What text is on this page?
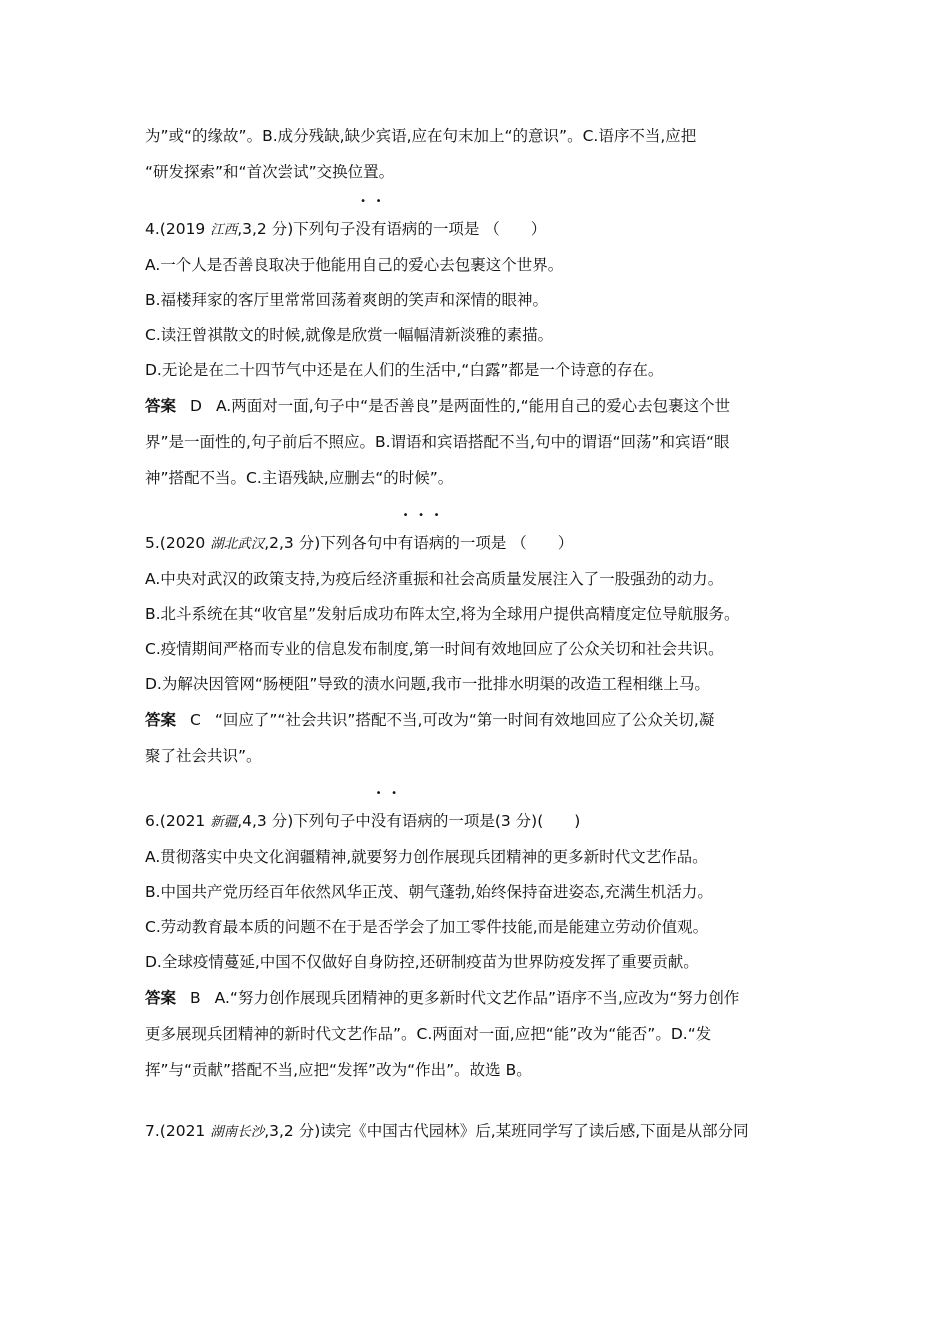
为”或“的缘故”。B.成分残缺,缺少宾语,应在句末加上“的意识”。C.语序不当,应把
“研发探索”和“首次尝试”交换位置。
4.(2019 江西,3,2 分)下列句子没有语病的一项是 （　　）
A.一个人是否善良取决于他能用自己的爱心去包裹这个世界。
B.福楼拜家的客厅里常常回荡着爽朗的笑声和深情的眼神。
C.读汪曾祺散文的时候,就像是欣赏一幅幅清新淡雅的素描。
D.无论是在二十四节气中还是在人们的生活中,“白露”都是一个诗意的存在。
答案 D A.两面对一面,句子中“是否善良”是两面性的,“能用自己的爱心去包裹这个世
界”是一面性的,句子前后不照应。B.谓语和宾语搭配不当,句中的谓语“回荡”和宾语“眼
神”搭配不当。C.主语残缺,应删去“的时候”。
5.(2020 湖北武汉,2,3 分)下列各句中有语病的一项是 （　　）
A.中央对武汉的政策支持,为疫后经济重振和社会高质量发展注入了一股强劲的动力。
B.北斗系统在其“收官星”发射后成功布阵太空,将为全球用户提供高精度定位导航服务。
C.疫情期间严格而专业的信息发布制度,第一时间有效地回应了公众关切和社会共识。
D.为解决因管网“肠梗阻”导致的渍水问题,我市一批排水明渠的改造工程相继上马。
答案 C “回应了”“社会共识”搭配不当,可改为“第一时间有效地回应了公众关切,凝
聚了社会共识”。
6.(2021 新疆,4,3 分)下列句子中没有语病的一项是(3 分)(　　)
A.贯彻落实中央文化润疆精神,就要努力创作展现兵团精神的更多新时代文艺作品。
B.中国共产党历经百年依然风华正茂、朝气蓬勃,始终保持奋进姿态,充满生机活力。
C.劳动教育最本质的问题不在于是否学会了加工零件技能,而是能建立劳动价值观。
D.全球疫情蔓延,中国不仅做好自身防控,还研制疫苗为世界防疫发挥了重要贡献。
答案 B A.“努力创作展现兵团精神的更多新时代文艺作品”语序不当,应改为“努力创作
更多展现兵团精神的新时代文艺作品”。C.两面对一面,应把“能”改为“能否”。D.“发
挥”与“贡献”搭配不当,应把“发挥”改为“作出”。故选 B。
7.(2021 湖南长沙,3,2 分)读完《中国古代园林》后,某班同学写了读后感,下面是从部分同
